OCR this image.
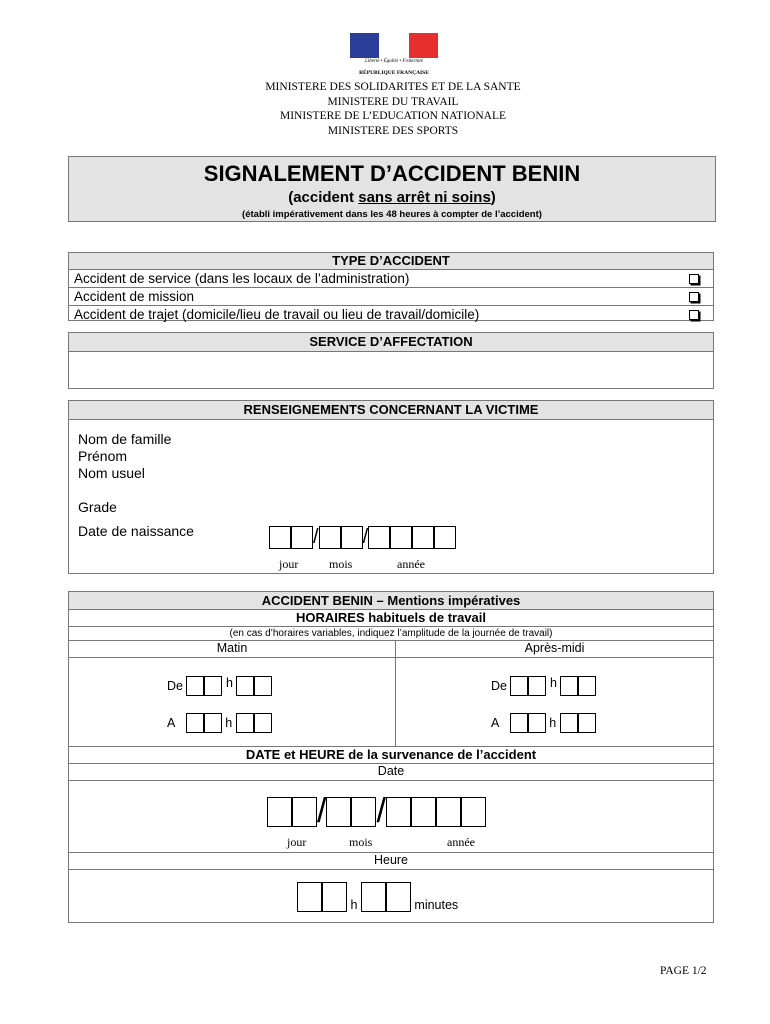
Liberté • Égalité • Fraternité
RÉPUBLIQUE FRANÇAISE
MINISTERE DES SOLIDARITES ET DE LA SANTE
MINISTERE DU TRAVAIL
MINISTERE DE L’EDUCATION NATIONALE
MINISTERE DES SPORTS
SIGNALEMENT D’ACCIDENT BENIN
(accident sans arrêt ni soins)
(établi impérativement dans les 48 heures à compter de l’accident)
TYPE D’ACCIDENT
Accident de service (dans les locaux de l’administration)
Accident de mission
Accident de trajet (domicile/lieu de travail ou lieu de travail/domicile)
SERVICE D’AFFECTATION
RENSEIGNEMENTS CONCERNANT LA VICTIME
Nom de famille
Prénom
Nom usuel
Grade
Date de naissance	/ /
jour	mois	année
ACCIDENT BENIN – Mentions impératives
HORAIRES habituels de travail
(en cas d’horaires variables, indiquez l’amplitude de la journée de travail)
Matin	Après-midi
De	h
A	h
De	h
A	h
DATE et HEURE de la survenance de l’accident
Date
/ /
jour	mois	année
Heure
h	minutes
PAGE 1/2
